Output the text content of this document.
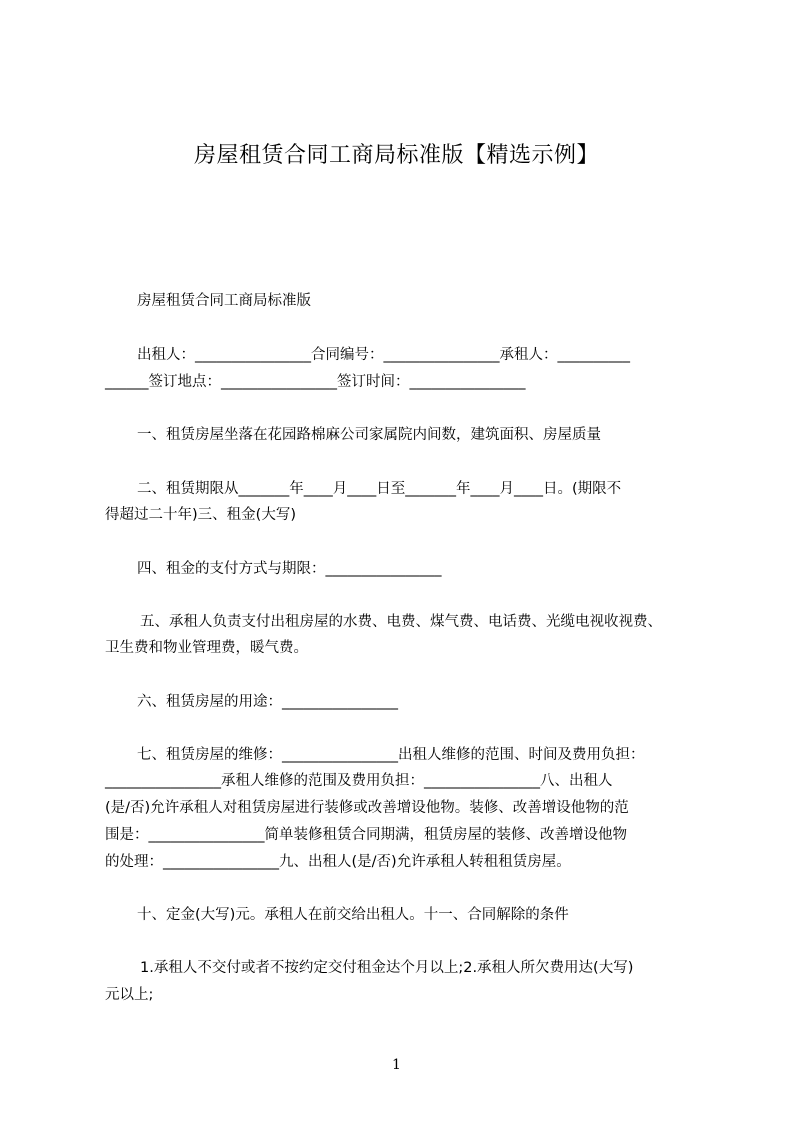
房屋租赁合同工商局标准版【精选示例】
房屋租赁合同工商局标准版
出租人：________________合同编号：________________承租人：__________
______签订地点：________________签订时间：________________
一、租赁房屋坐落在花园路棉麻公司家属院内间数，建筑面积、房屋质量
二、租赁期限从_______年____月____日至_______年____月____日。(期限不
得超过二十年)三、租金(大写)
四、租金的支付方式与期限：________________
五、承租人负责支付出租房屋的水费、电费、煤气费、电话费、光缆电视收视费、
卫生费和物业管理费，暖气费。
六、租赁房屋的用途：________________
七、租赁房屋的维修：________________出租人维修的范围、时间及费用负担：
________________承租人维修的范围及费用负担：________________八、出租人
(是/否)允许承租人对租赁房屋进行装修或改善增设他物。装修、改善增设他物的范
围是：________________简单装修租赁合同期满，租赁房屋的装修、改善增设他物
的处理：________________九、出租人(是/否)允许承租人转租租赁房屋。
十、定金(大写)元。承租人在前交给出租人。十一、合同解除的条件
1.承租人不交付或者不按约定交付租金达个月以上;2.承租人所欠费用达(大写)
元以上;
1
